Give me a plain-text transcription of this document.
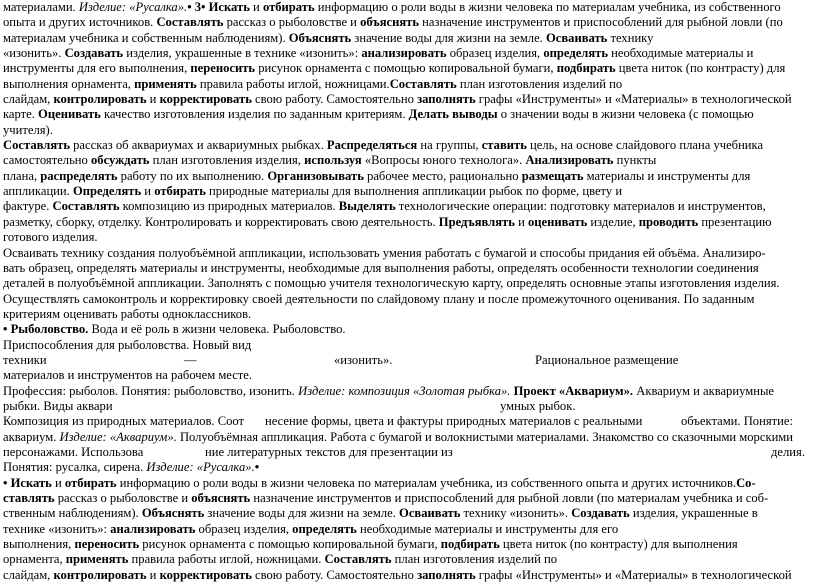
материалами. Изделие: «Русалка».• 3• Искать и отбирать информацию о роли воды в жизни человека по материалам учебника, из собственного

опыта и других источников. Составлять рассказ о рыболовстве и объяснять назначение инструментов и приспособлений для рыбной ловли (по

материалам учебника и собственным наблюдениям). Объяснять значение воды для жизни на земле. Осваивать технику

«изонить». Создавать изделия, украшенные в технике «изонить»: анализировать образец изделия, определять необходимые материалы и

инструменты для его выполнения, переносить рисунок орнамента с помощью копировальной бумаги, подбирать цвета ниток (по контрасту) для

выполнения орнамента, применять правила работы иглой, ножницами.Составлять план изготовления изделий по

слайдам, контролировать и корректировать свою работу. Самостоятельно заполнять графы «Инструменты» и «Материалы» в технологической

карте. Оценивать качество изготовления изделия по заданным критериям. Делать выводы о значении воды в жизни человека (с помощью

учителя).

Составлять рассказ об аквариумах и аквариумных рыбках. Распределяться на группы, ставить цель, на основе слайдового плана учебника

самостоятельно обсуждать план изготовления изделия, используя «Вопросы юного технолога». Анализировать пункты

плана, распределять работу по их выполнению. Организовывать рабочее место, рационально размещать материалы и инструменты для

аппликации. Определять и отбирать природные материалы для выполнения аппликации рыбок по форме, цвету и

фактуре. Составлять композицию из природных материалов. Выделять технологические операции: подготовку материалов и инструментов,

разметку, сборку, отделку. Контролировать и корректировать свою деятельность. Предъявлять и оценивать изделие, проводить презентацию

готового изделия.

Осваивать технику создания полуобъёмной аппликации, использовать умения работать с бумагой и способы придания ей объёма. Анализиро-

вать образец, определять материалы и инструменты, необходимые для выполнения работы, определять особенности технологии соединения

деталей в полуобъёмной аппликации. Заполнять с помощью учителя технологическую карту, определять основные этапы изготовления изделия.

Осуществлять самоконтроль и корректировку своей деятельности по слайдовому плану и после промежуточного оценивания. По заданным

критериям оценивать работы одноклассников.

• Рыболовство. Вода и её роль в жизни человека. Рыболовство.

Приспособления для рыболовства. Новый вид

техники	—	«изонить».	Рациональное размещение

материалов и инструментов на рабочем месте.

Профессия: рыболов. Понятия: рыболовство, изонить. Изделие: композиция «Золотая рыбка». Проект «Аквариум». Аквариум и аквариумные

рыбки. Виды аквари	умных рыбок.

Композиция из природных материалов. Соот несение формы, цвета и фактуры природных материалов с реальными	объектами. Понятие:

аквариум. Изделие: «Аквариум». Полуобъёмная аппликация. Работа с бумагой и волокнистыми материалами. Знакомство со сказочными морскими

персонажами. Использова	ние литературных текстов для презентации из	делия.

Понятия: русалка, сирена. Изделие: «Русалка».•

• Искать и отбирать информацию о роли воды в жизни человека по материалам учебника, из собственного опыта и других источников.Со-

ставлять рассказ о рыболовстве и объяснять назначение инструментов и приспособлений для рыбной ловли (по материалам учебника и соб-

ственным наблюдениям). Объяснять значение воды для жизни на земле. Осваивать технику «изонить». Создавать изделия, украшенные в

технике «изонить»: анализировать образец изделия, определять необходимые материалы и инструменты для его

выполнения, переносить рисунок орнамента с помощью копировальной бумаги, подбирать цвета ниток (по контрасту) для выполнения

орнамента, применять правила работы иглой, ножницами. Составлять план изготовления изделий по

слайдам, контролировать и корректировать свою работу. Самостоятельно заполнять графы «Инструменты» и «Материалы» в технологической
